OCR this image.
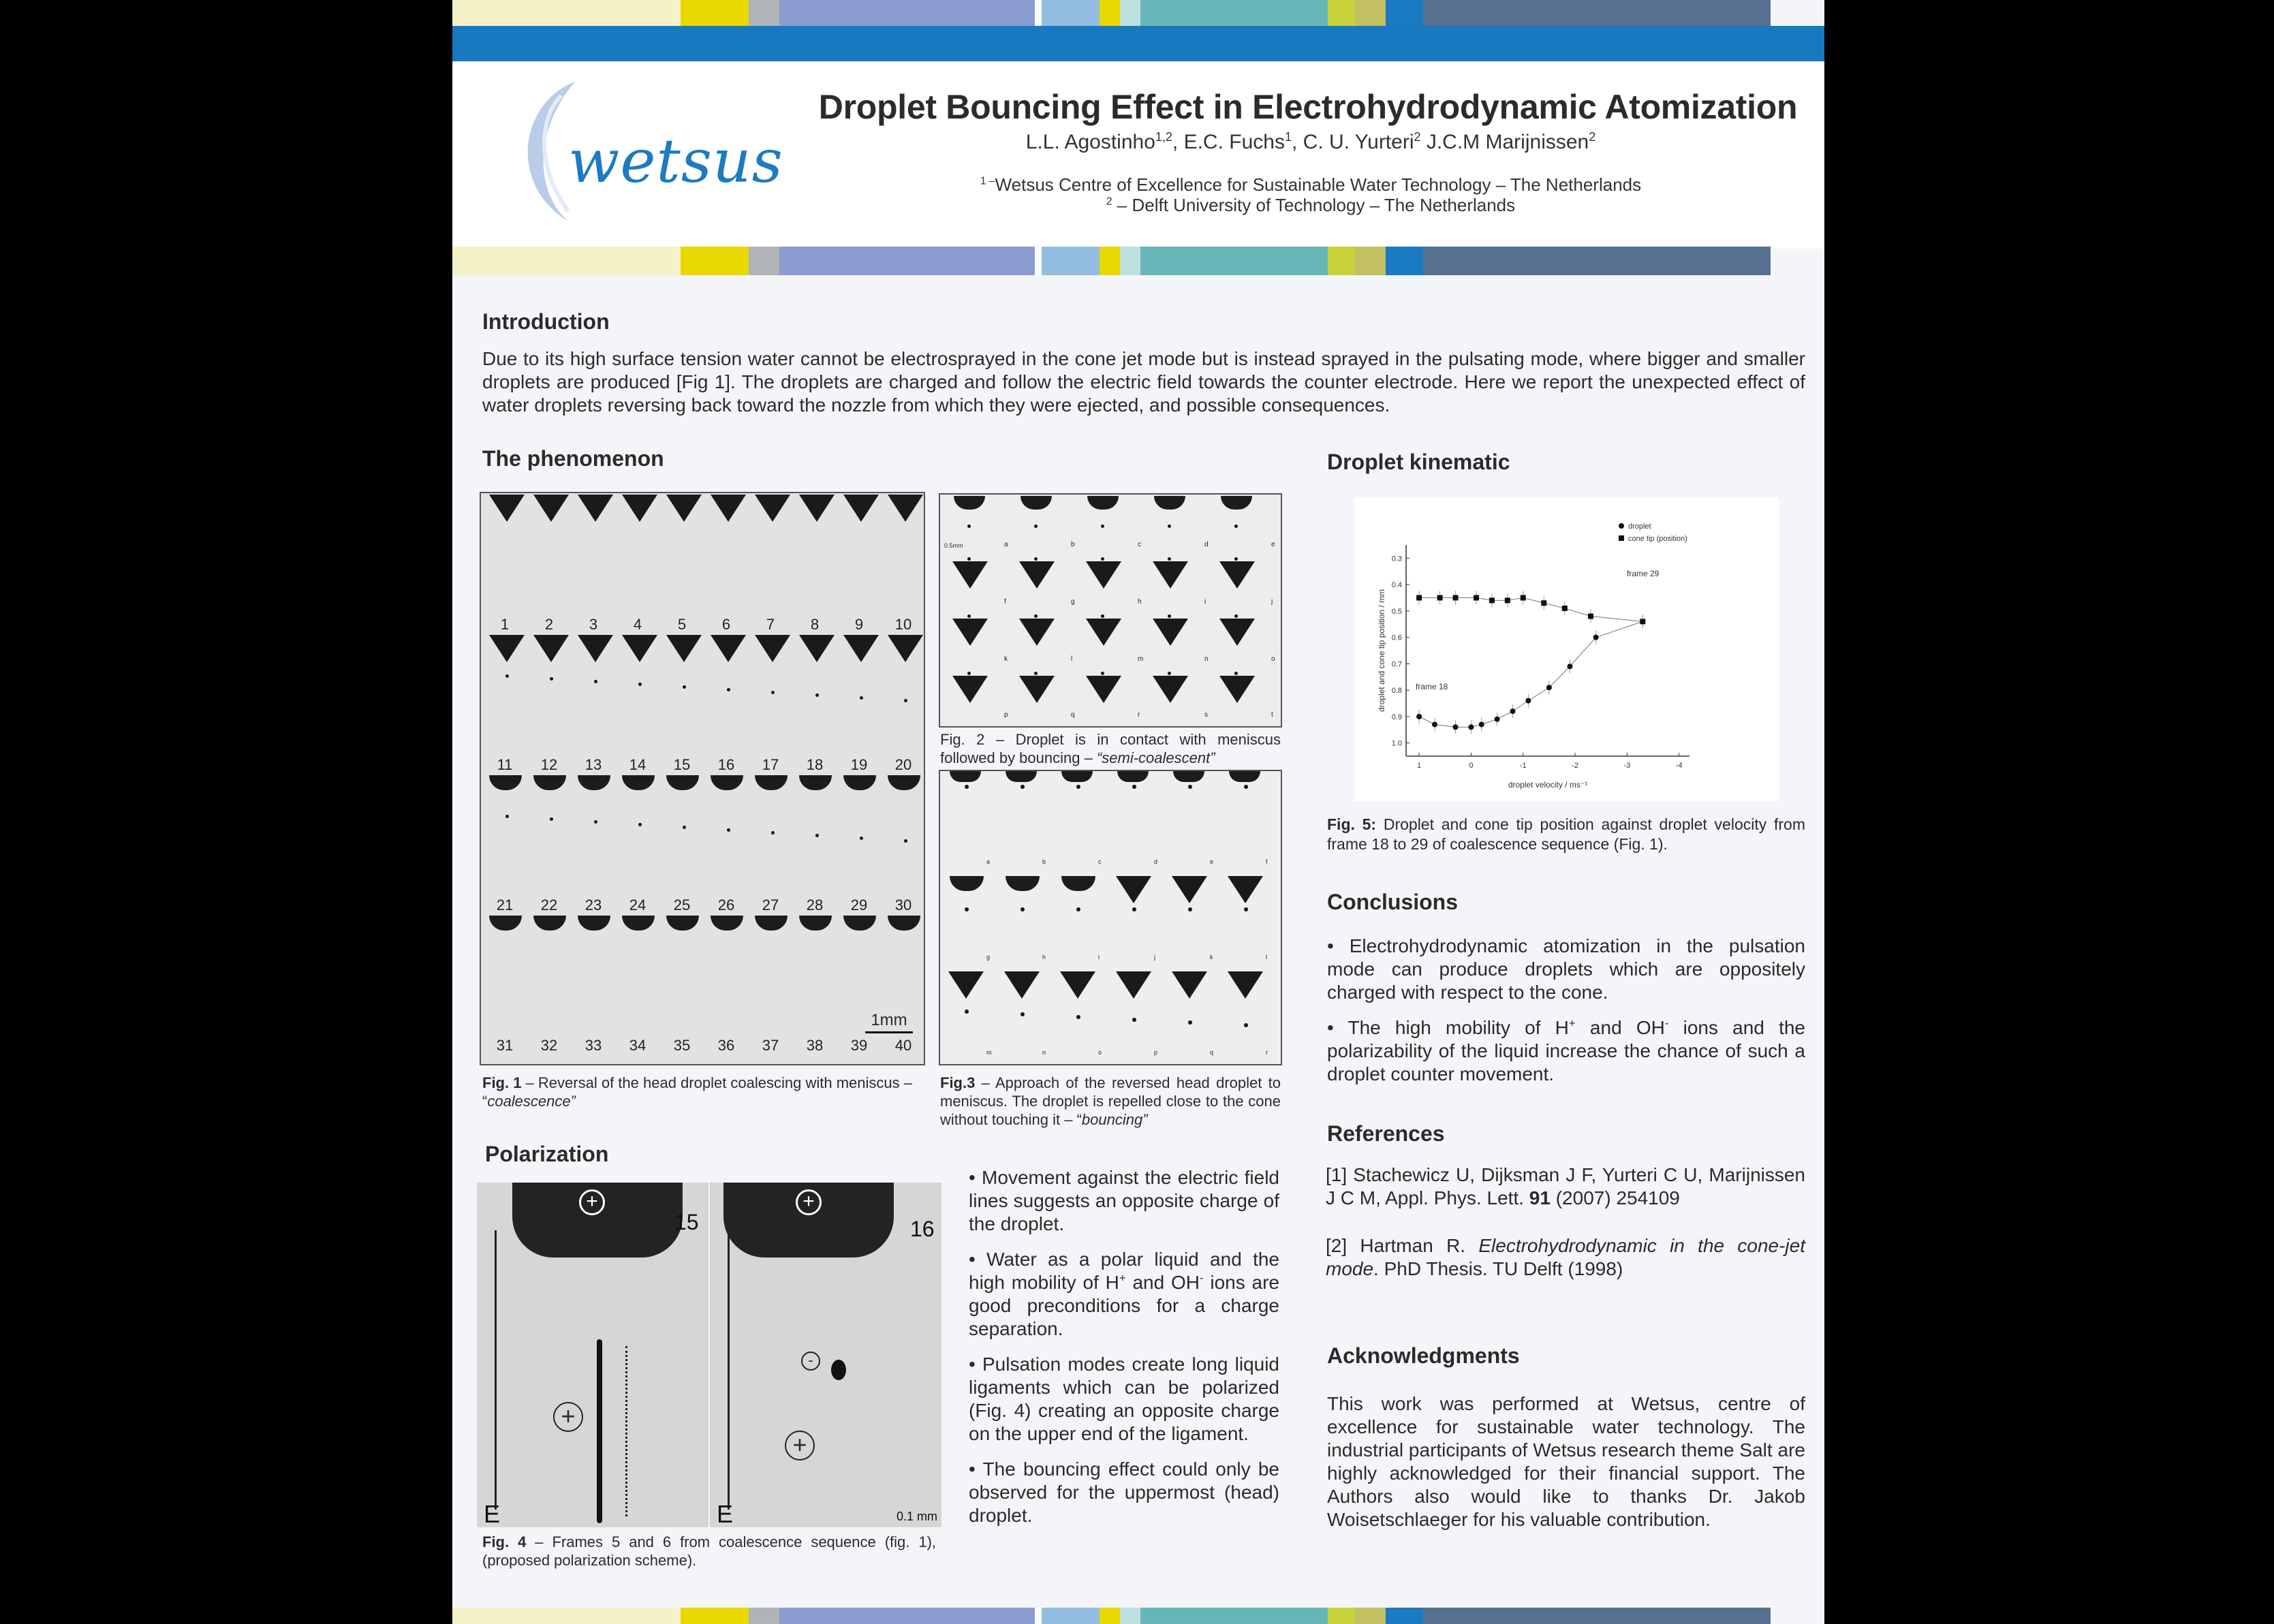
wetsus
Droplet Bouncing Effect in Electrohydrodynamic Atomization
L.L. Agostinho$^{1,2}$, E.C. Fuchs$^1$, C. U. Yurteri$^2$ J.C.M Marijnissen$^2$
$^{1 -}$Wetsus Centre of Excellence for Sustainable Water Technology – The Netherlands
$^2$ – Delft University of Technology – The Netherlands
Introduction

Due to its high surface tension water cannot be electrosprayed in the cone jet mode but is instead sprayed in the pulsating mode, where bigger and smaller droplets are produced [Fig 1]. The droplets are charged and follow the electric field towards the counter electrode. Here we report the unexpected effect of water droplets reversing back toward the nozzle from which they were ejected, and possible consequences.

The phenomenon
1	2	3	4	5	6	7	8	9	10
11 12 13 14 15 16 17 18 19 20
21 22 23 24 25 26 27 28 29 30
31 32 33 34 35 36 37 38 39 40
1mm

Fig. 1 – Reversal of the head droplet coalescing with meniscus – “coalescence”

a	b	c	d	e
f	g	h	i	j
k	l	m	n	o
p	q	r	s	t
0.5mm

Fig. 2 – Droplet is in contact with meniscus followed by bouncing – “semi-coalescent”

a	b	c	d	e	f
g	h	i	j	k	l
m	n	o	p	q	r

Fig.3 – Approach of the reversed head droplet to meniscus. The droplet is repelled close to the cone without touching it – “bouncing”

Polarization
+
15
E
+
+
16
E
-
+
0.1 mm

Fig. 4 – Frames 5 and 6 from coalescence sequence (fig. 1), (proposed polarization scheme).

• Movement against the electric field lines suggests an opposite charge of the droplet.

• Water as a polar liquid and the high mobility of H+ and OH- ions are good preconditions for a charge separation.

• Pulsation modes create long liquid ligaments which can be polarized (Fig. 4) creating an opposite charge on the upper end of the ligament.

• The bouncing effect could only be observed for the uppermost (head) droplet.

Droplet kinematic
0.3
0.4
0.5
0.6
0.7
0.8
0.9
1.0
1	0	-1	-2	-3	-4
droplet velocity / ms⁻¹
droplet and cone tip position / mm
droplet
cone tip (position)
frame 29
frame 18

Fig. 5: Droplet and cone tip position against droplet velocity from frame 18 to 29 of coalescence sequence (Fig. 1).

Conclusions

• Electrohydrodynamic atomization in the pulsation mode can produce droplets which are oppositely charged with respect to the cone.

• The high mobility of H+ and OH- ions and the polarizability of the liquid increase the chance of such a droplet counter movement.

References

[1] Stachewicz U, Dijksman J F, Yurteri C U, Marijnissen J C M, Appl. Phys. Lett. 91 (2007) 254109

[2] Hartman R. Electrohydrodynamic in the cone-jet mode. PhD Thesis. TU Delft (1998)

Acknowledgments

This work was performed at Wetsus, centre of excellence for sustainable water technology. The industrial participants of Wetsus research theme Salt are highly acknowledged for their financial support. The Authors also would like to thanks Dr. Jakob Woisetschlaeger for his valuable contribution.
